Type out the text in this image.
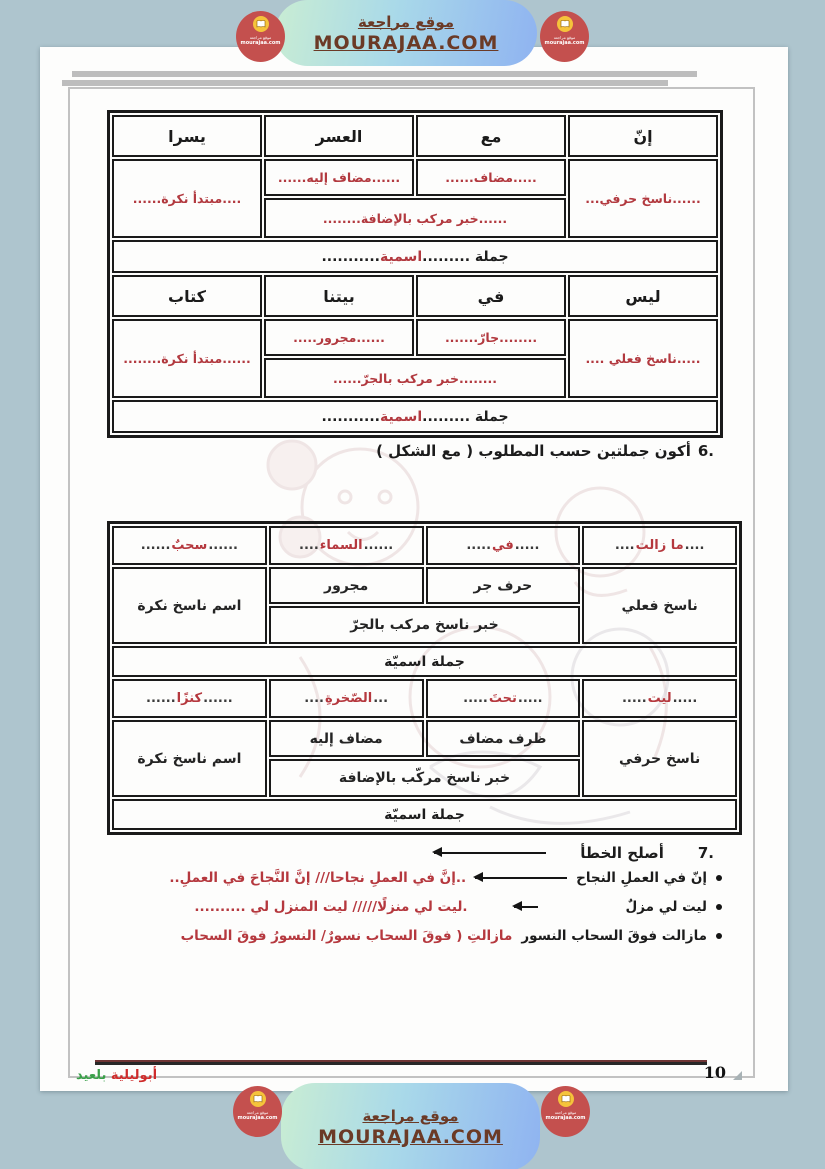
موقع مراجعة
MOURAJAA.COM
موقع مراجعة
mourajaa.com
موقع مراجعة
mourajaa.com
إنّ
مع
العسر
يسرا
......ناسخ حرفي...
.....مضاف......
......مضاف إليه......
......خبر مركب بالإضافة........
....مبتدأ نكرة......
جملة .........
اسمية
...........
ليس
في
بيتنا
كتاب
.....ناسخ فعلي ....
........جارّ.......
......مجرور.....
........خبر مركب بالجرّ......
......مبتدأ نكرة........
جملة .........
اسمية
...........
6.
أكون جملتين حسب المطلوب ( مع الشكل )
....
ما زالت
....
.....
في
.....
......
السماء
....
......
سحبٌ
......
ناسخ فعلي
حرف جر
مجرور
خبر ناسخ مركب بالجرّ
اسم ناسخ نكرة
جملة اسميّة
.....
ليت
.....
.....
تحتَ
.....
...
الصّخرةِ
....
......
كنزًا
......
ناسخ حرفي
ظرف مضاف
مضاف إليه
خبر ناسخ مركّب بالإضافة
اسم ناسخ نكرة
جملة اسميّة
7.
أصلح الخطأ
إنّ في العملِ النجاح
..إنَّ في العملِ نجاحا/// إنَّ النَّجاحَ في العملِ..
ليت لي مزلٌ
.ليت لي منزلًا///// ليت المنزل لي ..........
مازالت فوقَ السحاب النسور
مازالتِ ( فوقَ السحاب نسورٌ/ النسورُ فوقَ السحاب
أبوليلية بلعيد	10
موقع مراجعة
MOURAJAA.COM
موقع مراجعة
mourajaa.com
موقع مراجعة
mourajaa.com
